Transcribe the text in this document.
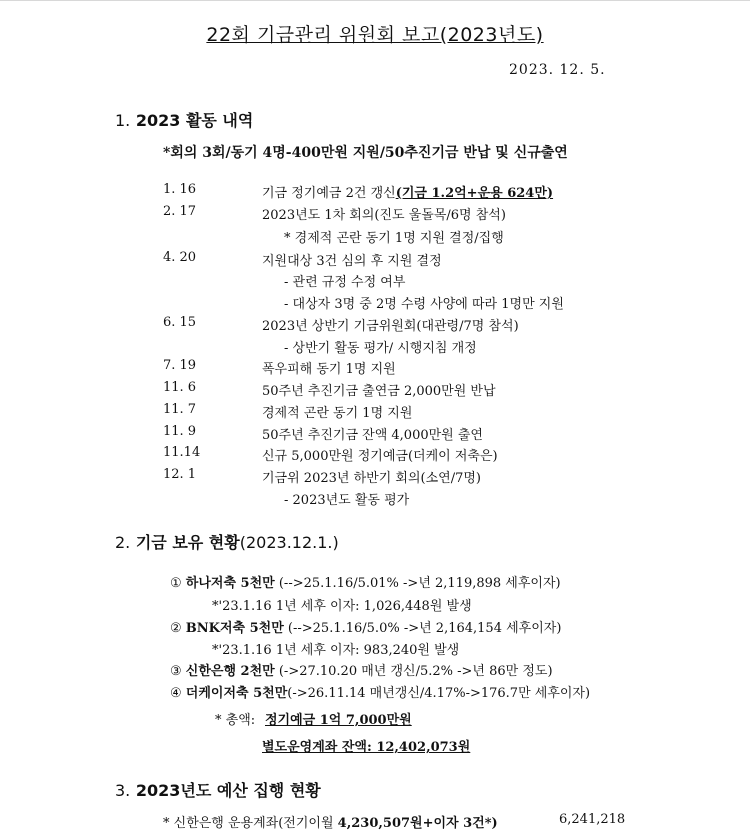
22회 기금관리 위원회 보고(2023년도)
2023. 12. 5.
1. 2023 활동 내역
*회의 3회/동기 4명-400만원 지원/50추진기금 반납 및 신규출연
1. 16	기금 정기예금 2건 갱신(기금 1.2억+운용 624만)
2. 17	2023년도 1차 회의(진도 울돌목/6명 참석)
* 경제적 곤란 동기 1명 지원 결정/집행
4. 20	지원대상 3건 심의 후 지원 결정
- 관련 규정 수정 여부
- 대상자 3명 중 2명 수령 사양에 따라 1명만 지원
6. 15	2023년 상반기 기금위원회(대관령/7명 참석)
- 상반기 활동 평가/ 시행지침 개정
7. 19	폭우피해 동기 1명 지원
11. 6	50주년 추진기금 출연금 2,000만원 반납
11. 7	경제적 곤란 동기 1명 지원
11. 9	50주년 추진기금 잔액 4,000만원 출연
11.14	신규 5,000만원 정기예금(더케이 저축은)
12. 1	기금위 2023년 하반기 회의(소연/7명)
- 2023년도 활동 평가
2. 기금 보유 현황(2023.12.1.)
① 하나저축 5천만 (-->25.1.16/5.01% ->년 2,119,898 세후이자)
*'23.1.16 1년 세후 이자: 1,026,448원 발생
② BNK저축 5천만 (-->25.1.16/5.0% ->년 2,164,154 세후이자)
*'23.1.16 1년 세후 이자: 983,240원 발생
③ 신한은행 2천만 (->27.10.20 매년 갱신/5.2% ->년 86만 정도)
④ 더케이저축 5천만(->26.11.14 매년갱신/4.17%->176.7만 세후이자)
* 총액: 정기예금 1억 7,000만원
별도운영계좌 잔액: 12,402,073원
3. 2023년도 예산 집행 현황
* 신한은행 운용계좌(전기이월 4,230,507원+이자 3건*)	6,241,218
